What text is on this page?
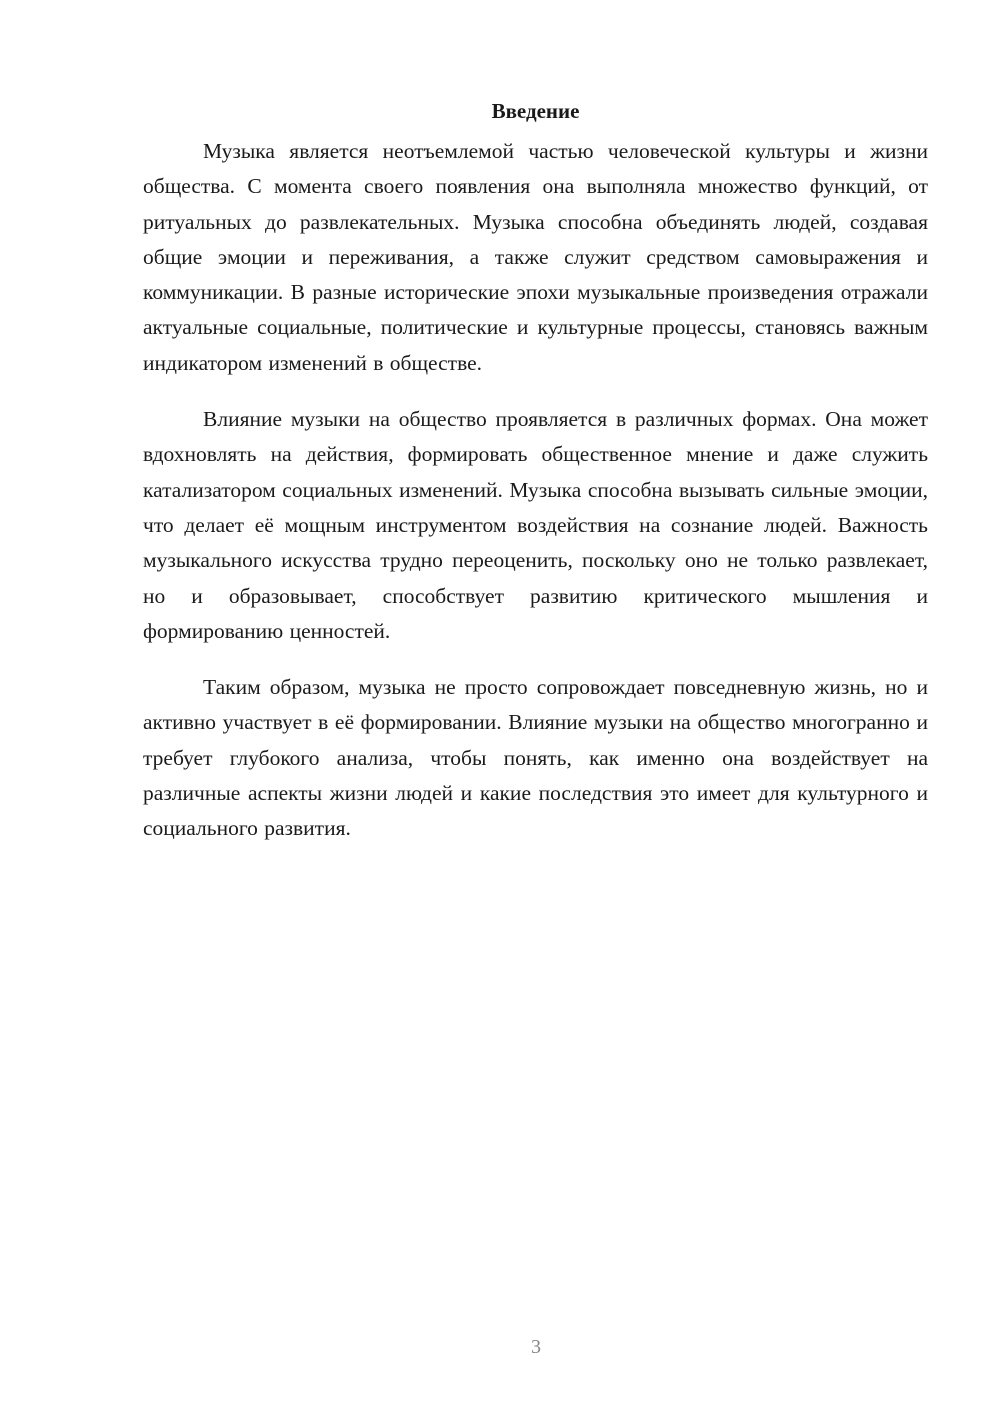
Введение

Музыка является неотъемлемой частью человеческой культуры и жизни общества. С момента своего появления она выполняла множество функций, от ритуальных до развлекательных. Музыка способна объединять людей, создавая общие эмоции и переживания, а также служит средством самовыражения и коммуникации. В разные исторические эпохи музыкальные произведения отражали актуальные социальные, политические и культурные процессы, становясь важным индикатором изменений в обществе.

Влияние музыки на общество проявляется в различных формах. Она может вдохновлять на действия, формировать общественное мнение и даже служить катализатором социальных изменений. Музыка способна вызывать сильные эмоции, что делает её мощным инструментом воздействия на сознание людей. Важность музыкального искусства трудно переоценить, поскольку оно не только развлекает, но и образовывает, способствует развитию критического мышления и формированию ценностей.

Таким образом, музыка не просто сопровождает повседневную жизнь, но и активно участвует в её формировании. Влияние музыки на общество многогранно и требует глубокого анализа, чтобы понять, как именно она воздействует на различные аспекты жизни людей и какие последствия это имеет для культурного и социального развития.

3
